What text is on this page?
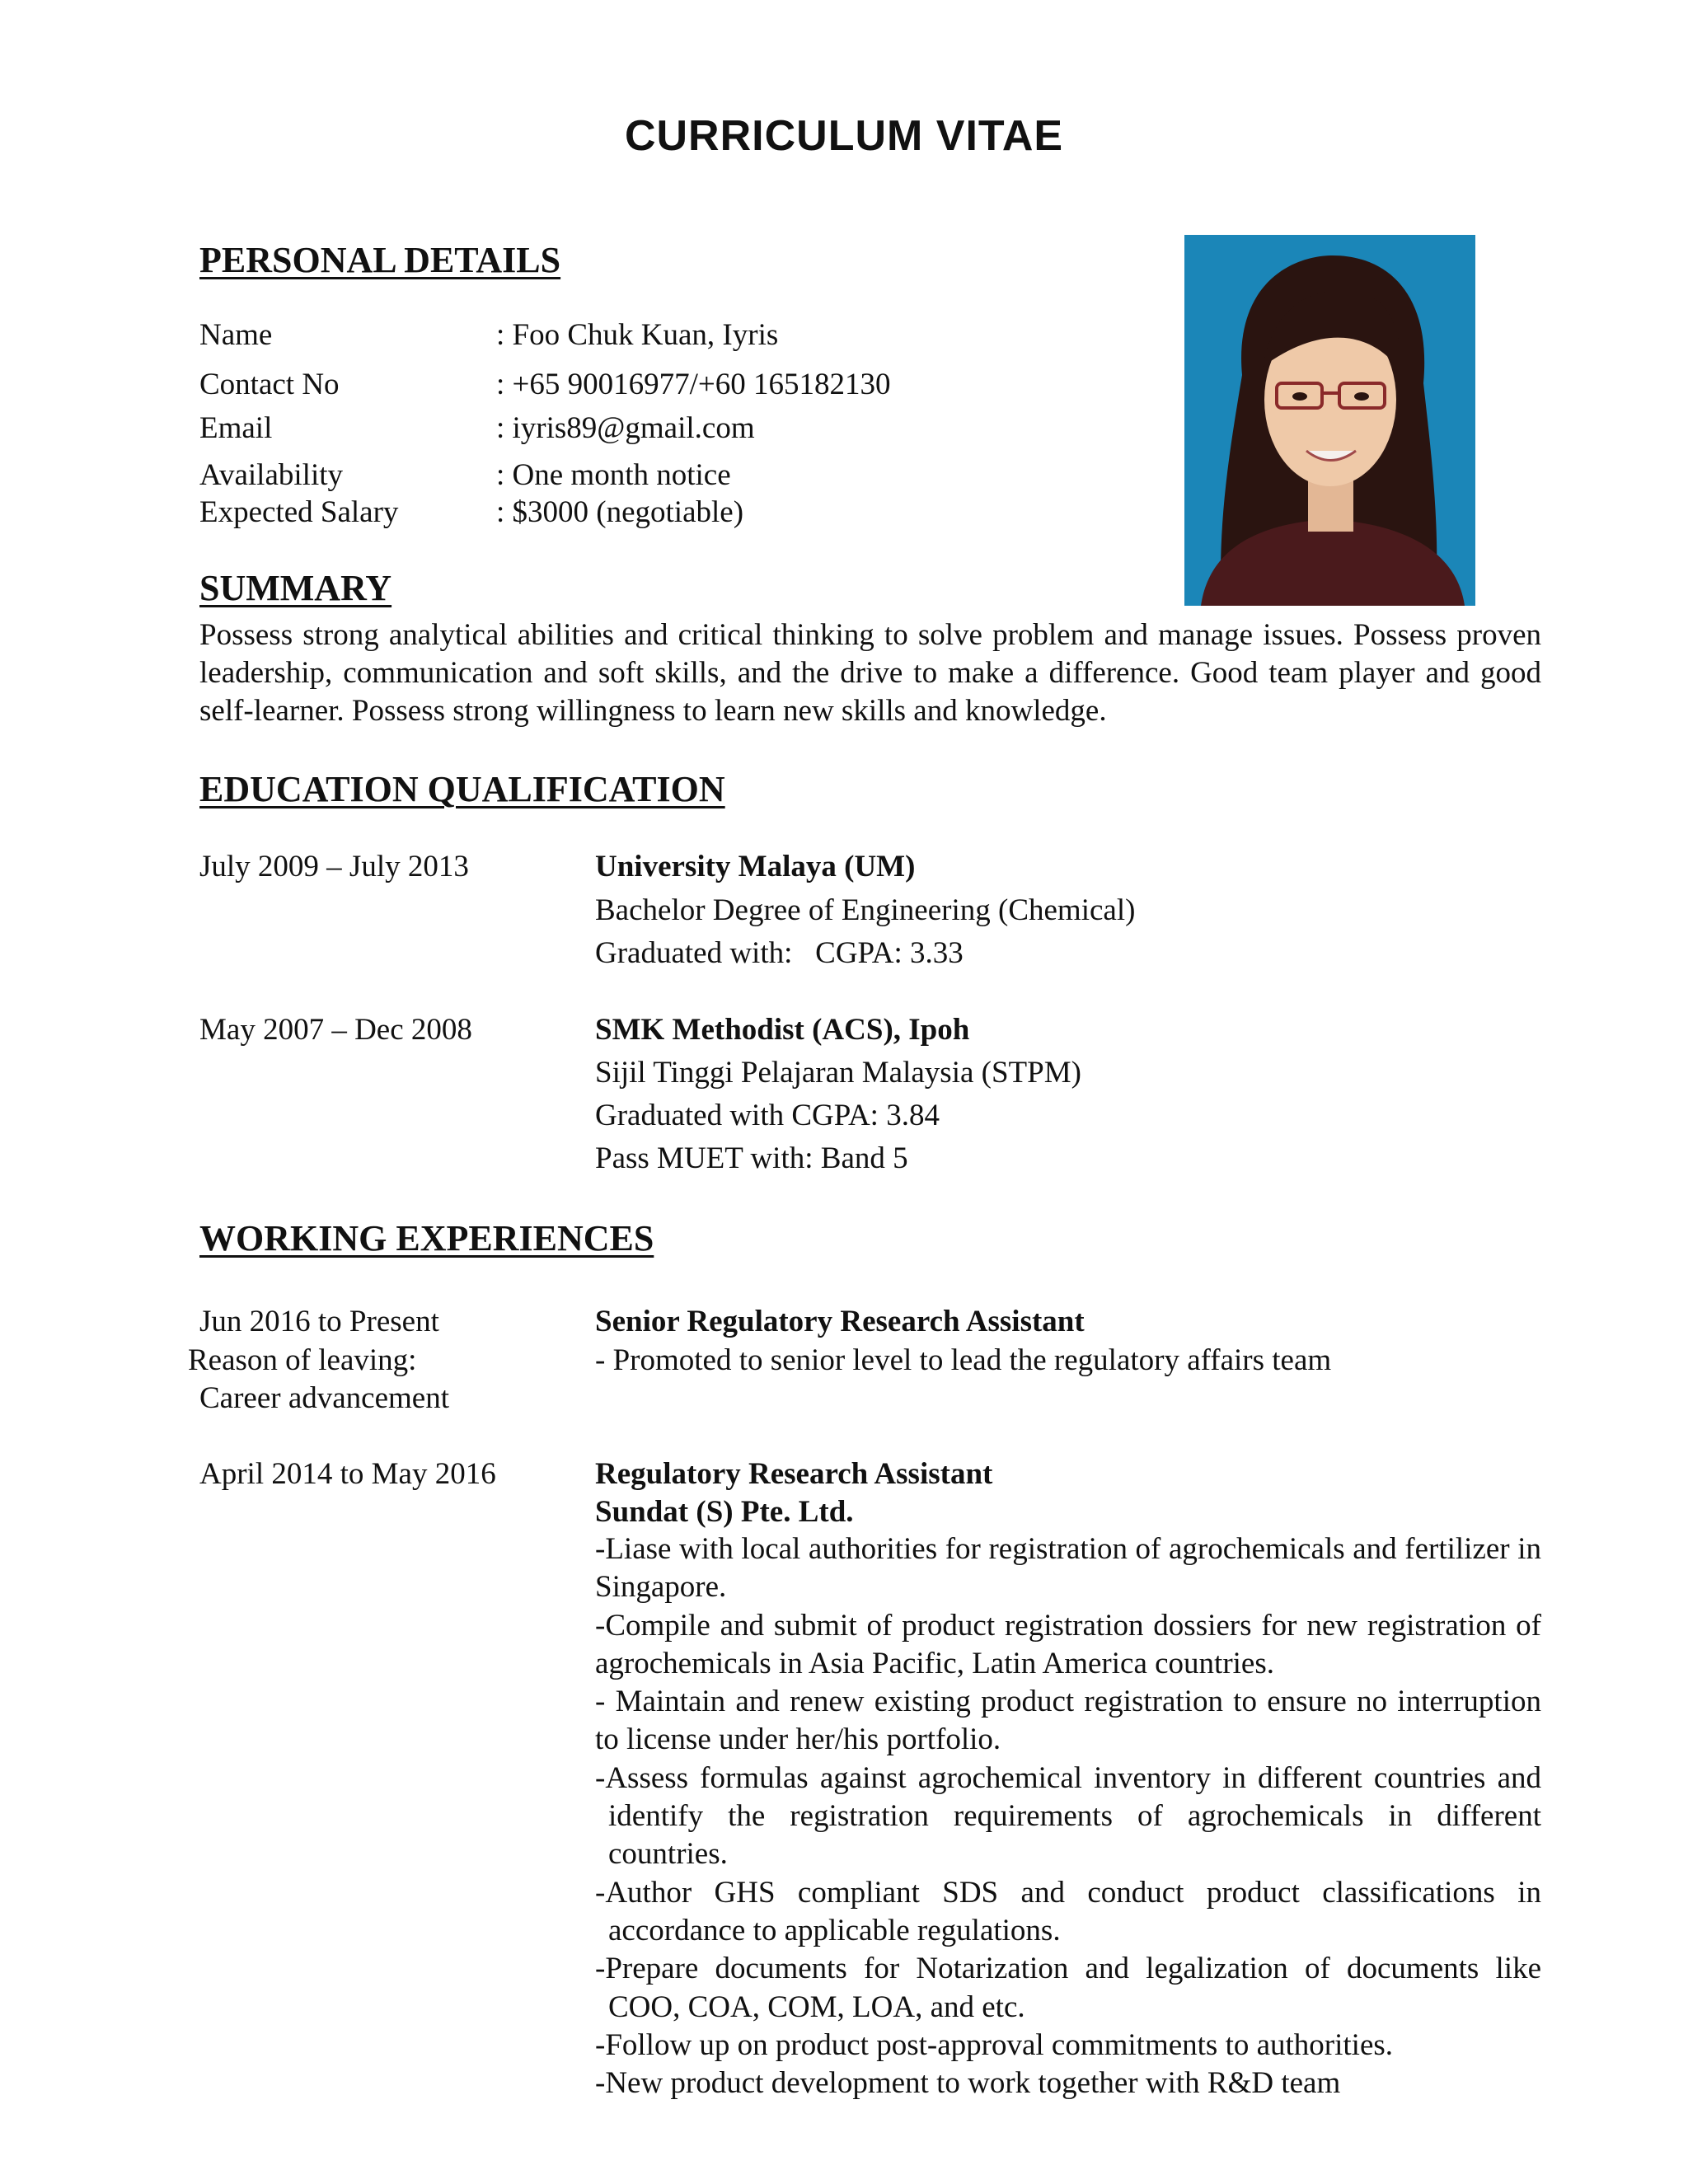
CURRICULUM VITAE
PERSONAL DETAILS
Name	: Foo Chuk Kuan, Iyris
Contact No	: +65 90016977/+60 165182130
Email	: iyris89@gmail.com
Availability	: One month notice
Expected Salary	: $3000 (negotiable)
SUMMARY

Possess strong analytical abilities and critical thinking to solve problem and manage issues. Possess proven leadership, communication and soft skills, and the drive to make a difference. Good team player and good self-learner. Possess strong willingness to learn new skills and knowledge.

EDUCATION QUALIFICATION
July 2009 – July 2013	University Malaya (UM)
Bachelor Degree of Engineering (Chemical)
Graduated with:   CGPA: 3.33
May 2007 – Dec 2008	SMK Methodist (ACS), Ipoh
Sijil Tinggi Pelajaran Malaysia (STPM)
Graduated with CGPA: 3.84
Pass MUET with: Band 5
WORKING EXPERIENCES
Jun 2016 to Present	Senior Regulatory Research Assistant
Reason of leaving:	- Promoted to senior level to lead the regulatory affairs team
Career advancement
April 2014 to May 2016	Regulatory Research Assistant
Sundat (S) Pte. Ltd.

-Liase with local authorities for registration of agrochemicals and fertilizer in Singapore.

-Compile and submit of product registration dossiers for new registration of agrochemicals in Asia Pacific, Latin America countries.

- Maintain and renew existing product registration to ensure no interruption to license under her/his portfolio.

-Assess formulas against agrochemical inventory in different countries and identify the registration requirements of agrochemicals in different countries.

-Author GHS compliant SDS and conduct product classifications in accordance to applicable regulations.

-Prepare documents for Notarization and legalization of documents like COO, COA, COM, LOA, and etc.

-Follow up on product post-approval commitments to authorities.

-New product development to work together with R&D team
